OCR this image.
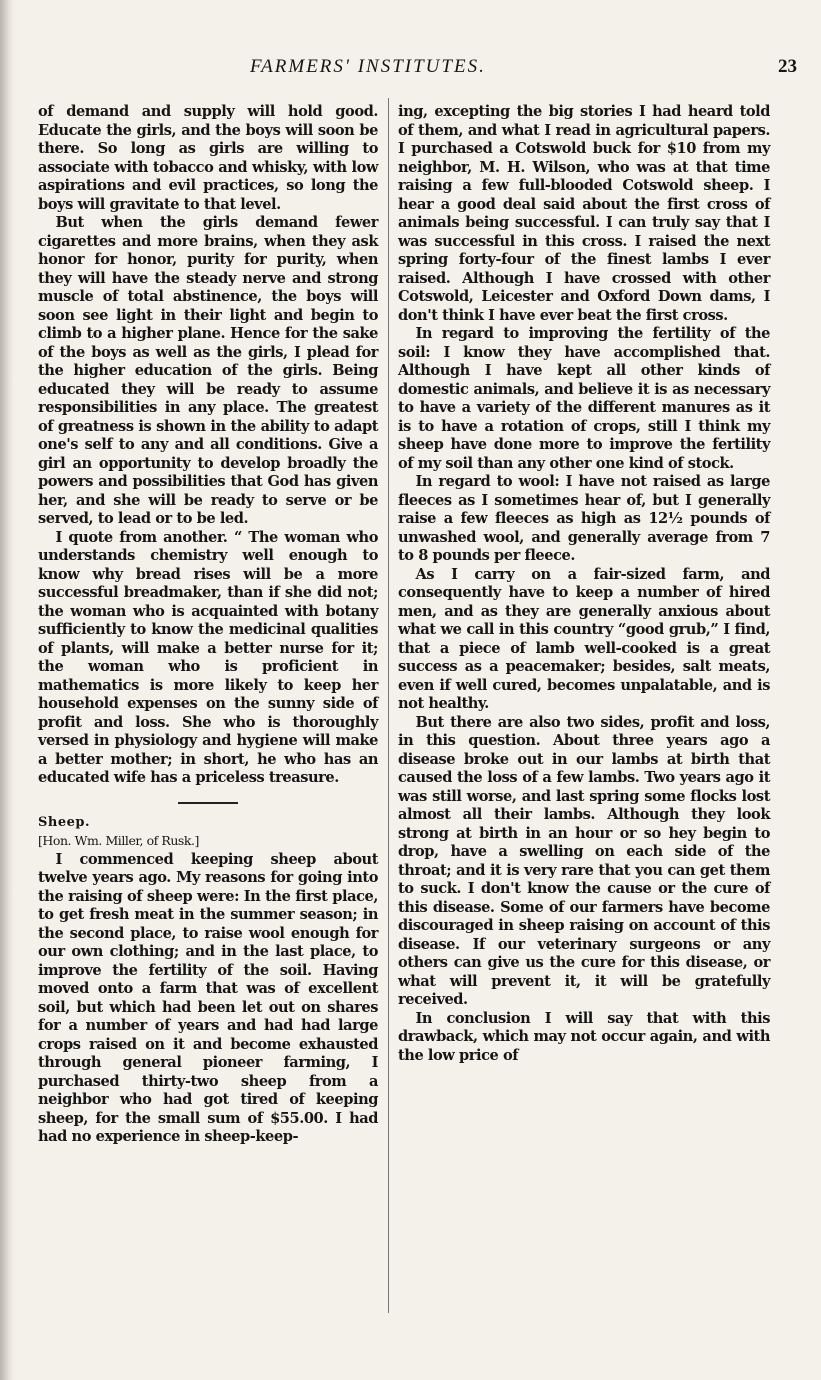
FARMERS' INSTITUTES.	23

of demand and supply will hold good. Educate the girls, and the boys will soon be there. So long as girls are willing to associate with tobacco and whisky, with low aspirations and evil practices, so long the boys will gravitate to that level.

But when the girls demand fewer cigarettes and more brains, when they ask honor for honor, purity for purity, when they will have the steady nerve and strong muscle of total abstinence, the boys will soon see light in their light and begin to climb to a higher plane. Hence for the sake of the boys as well as the girls, I plead for the higher education of the girls. Being educated they will be ready to assume responsibilities in any place. The greatest of greatness is shown in the ability to adapt one's self to any and all conditions. Give a girl an opportunity to develop broadly the powers and possibilities that God has given her, and she will be ready to serve or be served, to lead or to be led.

I quote from another. “ The woman who understands chemistry well enough to know why bread rises will be a more successful breadmaker, than if she did not; the woman who is acquainted with botany sufficiently to know the medicinal qualities of plants, will make a better nurse for it; the woman who is proficient in mathematics is more likely to keep her household expenses on the sunny side of profit and loss. She who is thoroughly versed in physiology and hygiene will make a better mother; in short, he who has an educated wife has a priceless treasure.

Sheep.

[Hon. Wm. Miller, of Rusk.]

I commenced keeping sheep about twelve years ago. My reasons for going into the raising of sheep were: In the first place, to get fresh meat in the summer season; in the second place, to raise wool enough for our own clothing; and in the last place, to improve the fertility of the soil. Having moved onto a farm that was of excellent soil, but which had been let out on shares for a number of years and had had large crops raised on it and become exhausted through general pioneer farming, I purchased thirty-two sheep from a neighbor who had got tired of keeping sheep, for the small sum of $55.00. I had had no experience in sheep-keep-

ing, excepting the big stories I had heard told of them, and what I read in agricultural papers. I purchased a Cotswold buck for $10 from my neighbor, M. H. Wilson, who was at that time raising a few full-blooded Cotswold sheep. I hear a good deal said about the first cross of animals being successful. I can truly say that I was successful in this cross. I raised the next spring forty-four of the finest lambs I ever raised. Although I have crossed with other Cotswold, Leicester and Oxford Down dams, I don't think I have ever beat the first cross.

In regard to improving the fertility of the soil: I know they have accomplished that. Although I have kept all other kinds of domestic animals, and believe it is as necessary to have a variety of the different manures as it is to have a rotation of crops, still I think my sheep have done more to improve the fertility of my soil than any other one kind of stock.

In regard to wool: I have not raised as large fleeces as I sometimes hear of, but I generally raise a few fleeces as high as 12½ pounds of unwashed wool, and generally average from 7 to 8 pounds per fleece.

As I carry on a fair-sized farm, and consequently have to keep a number of hired men, and as they are generally anxious about what we call in this country “good grub,” I find, that a piece of lamb well-cooked is a great success as a peacemaker; besides, salt meats, even if well cured, becomes unpalatable, and is not healthy.

But there are also two sides, profit and loss, in this question. About three years ago a disease broke out in our lambs at birth that caused the loss of a few lambs. Two years ago it was still worse, and last spring some flocks lost almost all their lambs. Although they look strong at birth in an hour or so hey begin to drop, have a swelling on each side of the throat; and it is very rare that you can get them to suck. I don't know the cause or the cure of this disease. Some of our farmers have become discouraged in sheep raising on account of this disease. If our veterinary surgeons or any others can give us the cure for this disease, or what will prevent it, it will be gratefully received.

In conclusion I will say that with this drawback, which may not occur again, and with the low price of
